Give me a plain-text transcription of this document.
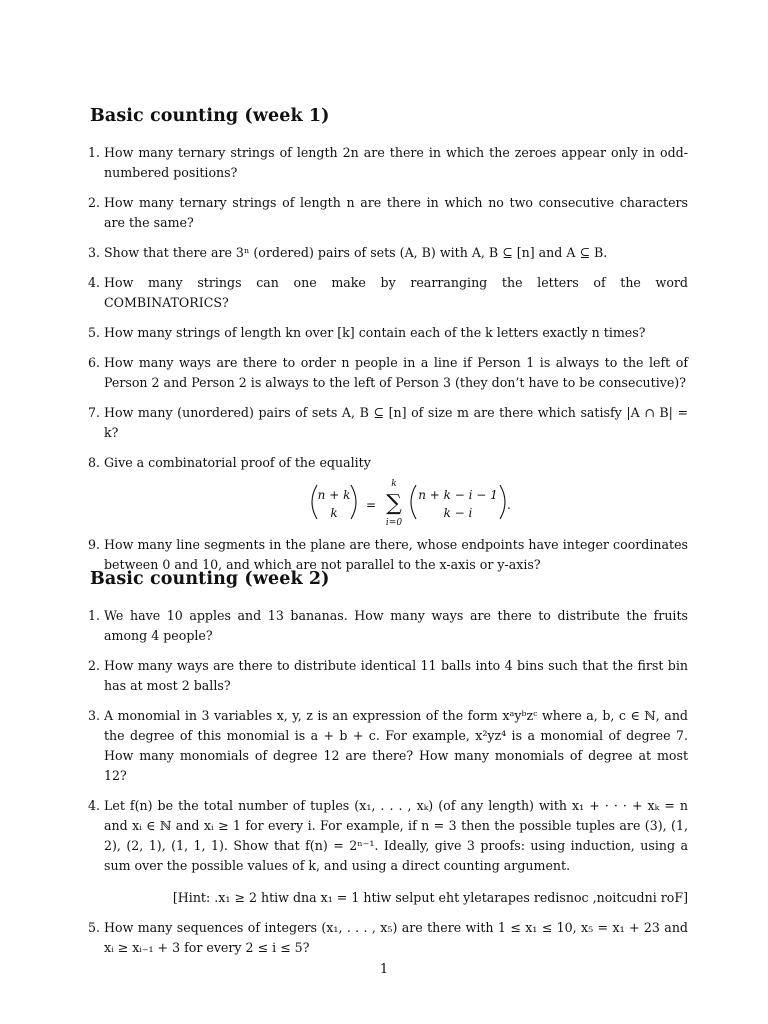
Basic counting (week 1)
1. How many ternary strings of length 2n are there in which the zeroes appear only in odd-numbered positions?
2. How many ternary strings of length n are there in which no two consecutive characters are the same?
3. Show that there are 3ⁿ (ordered) pairs of sets (A, B) with A, B ⊆ [n] and A ⊆ B.
4. How many strings can one make by rearranging the letters of the word COMBINATORICS?
5. How many strings of length kn over [k] contain each of the k letters exactly n times?
6. How many ways are there to order n people in a line if Person 1 is always to the left of Person 2 and Person 2 is always to the left of Person 3 (they don’t have to be consecutive)?
7. How many (unordered) pairs of sets A, B ⊆ [n] of size m are there which satisfy |A ∩ B| = k?
8. Give a combinatorial proof of the equality
n + k
k
=
k
∑
i=0
n + k − i − 1
k − i
.
9. How many line segments in the plane are there, whose endpoints have integer coordinates between 0 and 10, and which are not parallel to the x-axis or y-axis?
Basic counting (week 2)
1. We have 10 apples and 13 bananas. How many ways are there to distribute the fruits among 4 people?
2. How many ways are there to distribute identical 11 balls into 4 bins such that the first bin has at most 2 balls?
3. A monomial in 3 variables x, y, z is an expression of the form xᵃyᵇzᶜ where a, b, c ∈ ℕ, and the degree of this monomial is a + b + c. For example, x²yz⁴ is a monomial of degree 7. How many monomials of degree 12 are there? How many monomials of degree at most 12?
4. Let f(n) be the total number of tuples (x₁, . . . , xₖ) (of any length) with x₁ + · · · + xₖ = n and xᵢ ∈ ℕ and xᵢ ≥ 1 for every i. For example, if n = 3 then the possible tuples are (3), (1, 2), (2, 1), (1, 1, 1). Show that f(n) = 2ⁿ⁻¹. Ideally, give 3 proofs: using induction, using a sum over the possible values of k, and using a direct counting argument.
[Hint: .x₁ ≥ 2 htiw dna x₁ = 1 htiw selput eht yletarapes redisnoc ,noitcudni roF]
5. How many sequences of integers (x₁, . . . , x₅) are there with 1 ≤ x₁ ≤ 10, x₅ = x₁ + 23 and xᵢ ≥ xᵢ₋₁ + 3 for every 2 ≤ i ≤ 5?
1
